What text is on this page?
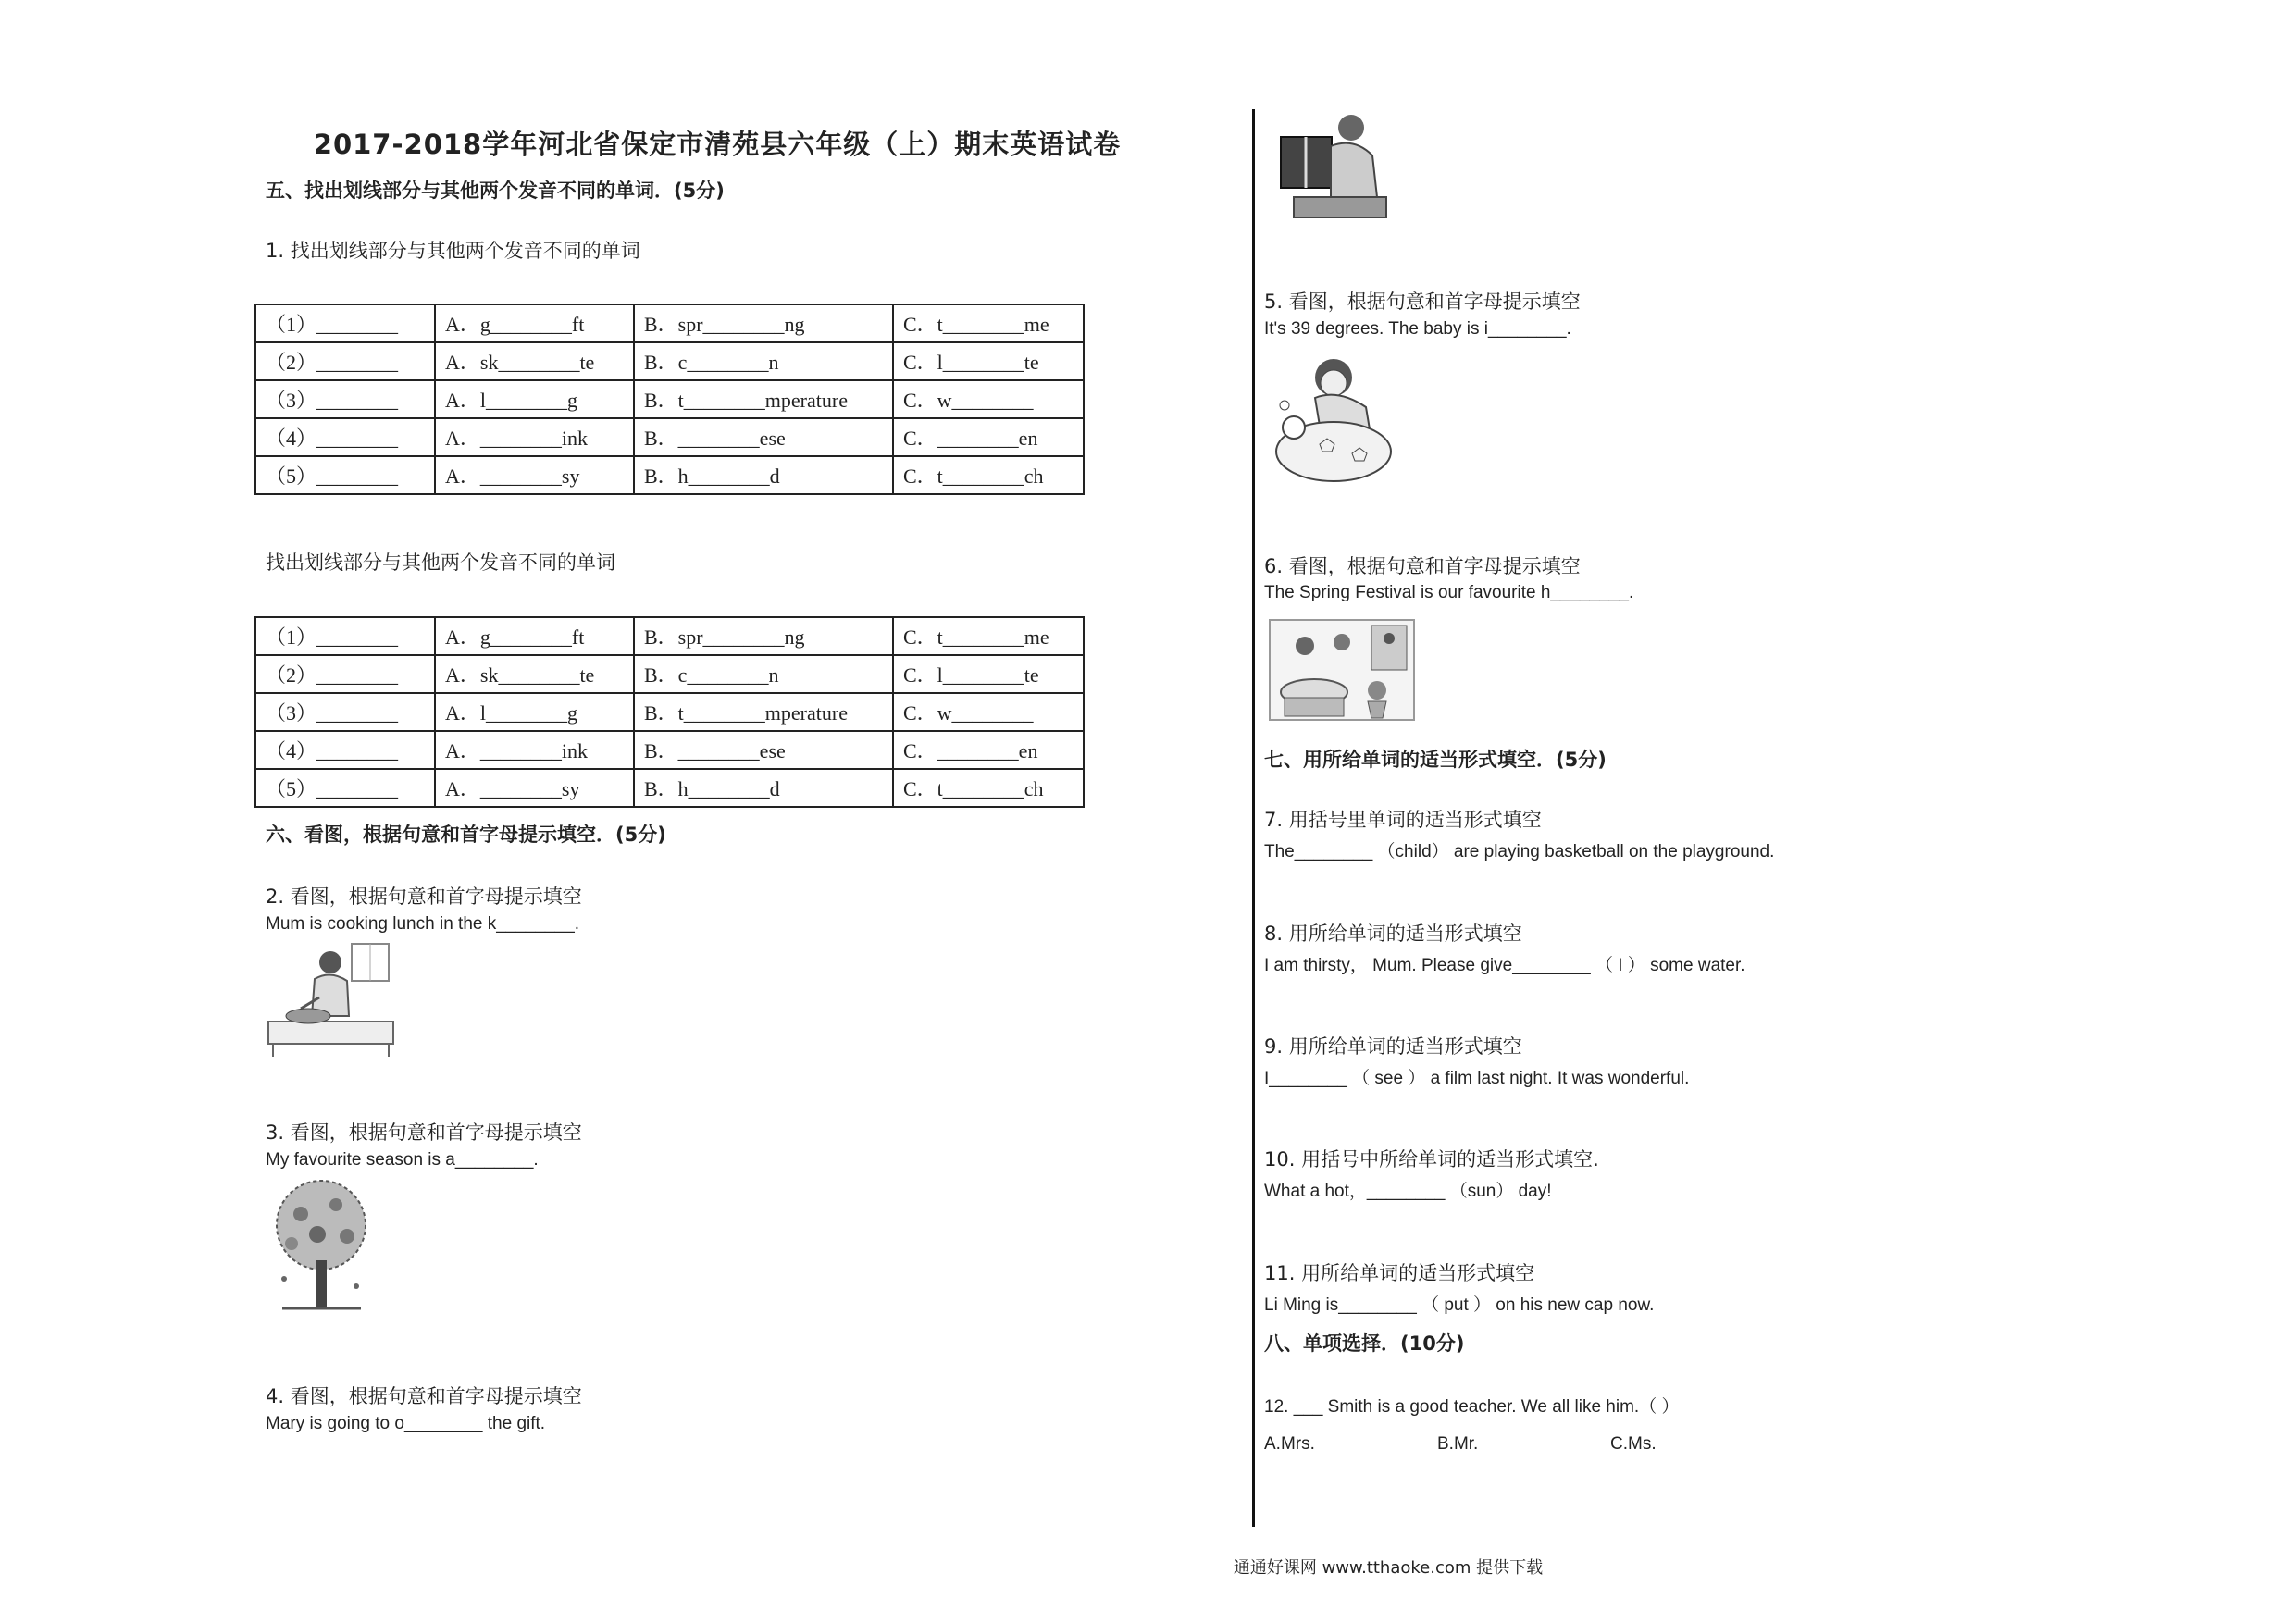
2017-2018学年河北省保定市清苑县六年级（上）期末英语试卷
五、找出划线部分与其他两个发音不同的单词．(5分)
1. 找出划线部分与其他两个发音不同的单词
（1）________	A．g________ft	B．spr________ng	C．t________me
（2）________	A．sk________te	B．c________n	C．l________te
（3）________	A．l________g	B．t________mperature	C．w________
（4）________	A．________ink	B．________ese	C．________en
（5）________	A．________sy	B．h________d	C．t________ch
找出划线部分与其他两个发音不同的单词
（1）________	A．g________ft	B．spr________ng	C．t________me
（2）________	A．sk________te	B．c________n	C．l________te
（3）________	A．l________g	B．t________mperature	C．w________
（4）________	A．________ink	B．________ese	C．________en
（5）________	A．________sy	B．h________d	C．t________ch
六、看图，根据句意和首字母提示填空．(5分)
2. 看图，根据句意和首字母提示填空
Mum is cooking lunch in the k________.
3. 看图，根据句意和首字母提示填空
My favourite season is a________.
4. 看图，根据句意和首字母提示填空
Mary is going to o________ the gift.
5. 看图，根据句意和首字母提示填空
It's 39 degrees. The baby is i________.
6. 看图，根据句意和首字母提示填空
The Spring Festival is our favourite h________.
七、用所给单词的适当形式填空．(5分)
7. 用括号里单词的适当形式填空
The________ （child） are playing basketball on the playground.
8. 用所给单词的适当形式填空
I am thirsty， Mum. Please give________ （ I ） some water.
9. 用所给单词的适当形式填空
I________ （ see ） a film last night. It was wonderful.
10. 用括号中所给单词的适当形式填空.
What a hot，________ （sun） day!
11. 用所给单词的适当形式填空
Li Ming is________ （ put ） on his new cap now.
八、单项选择．(10分)
12. ___ Smith is a good teacher. We all like him.（ ）
A.Mrs.	B.Mr.	C.Ms.
通通好课网 www.tthaoke.com 提供下载
